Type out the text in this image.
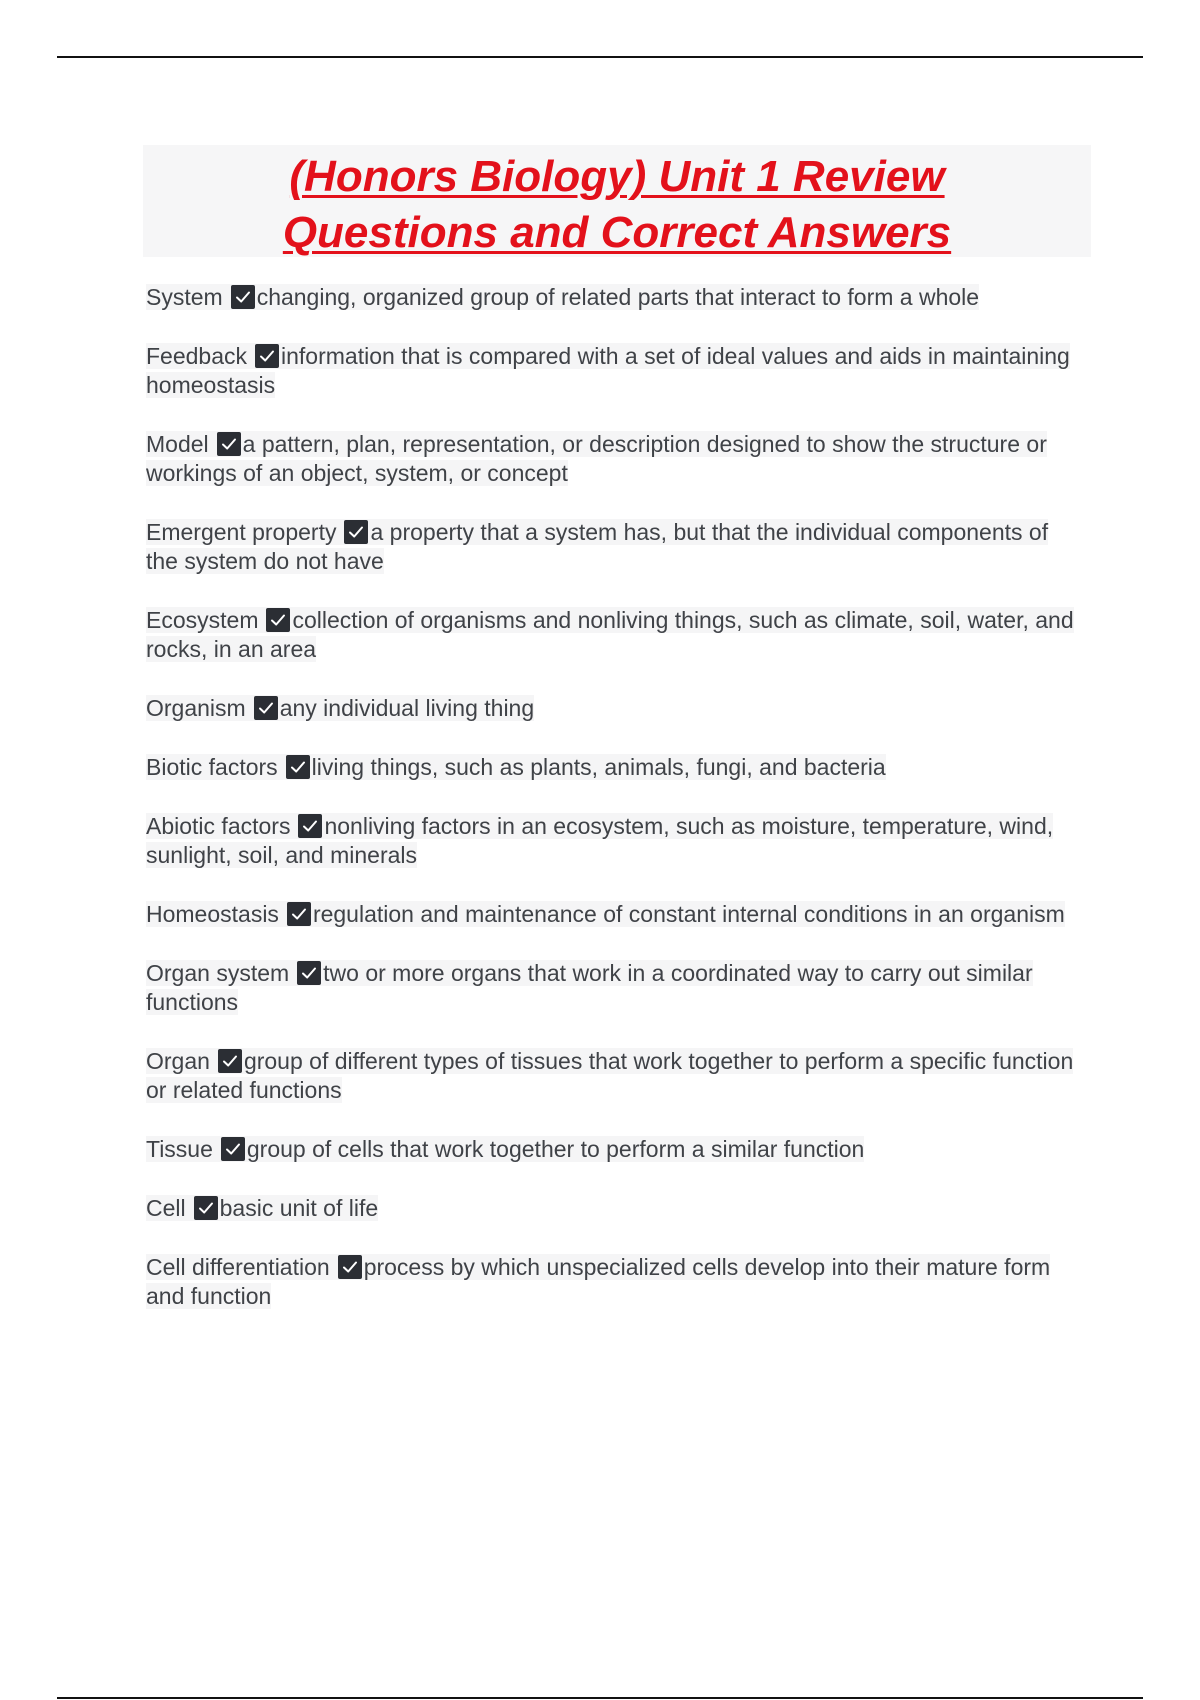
(Honors Biology) Unit 1 Review
Questions and Correct Answers
System changing, organized group of related parts that interact to form a whole
Feedback information that is compared with a set of ideal values and aids in maintaining homeostasis
Model a pattern, plan, representation, or description designed to show the structure or workings of an object, system, or concept
Emergent property a property that a system has, but that the individual components of the system do not have
Ecosystem collection of organisms and nonliving things, such as climate, soil, water, and rocks, in an area
Organism any individual living thing
Biotic factors living things, such as plants, animals, fungi, and bacteria
Abiotic factors nonliving factors in an ecosystem, such as moisture, temperature, wind, sunlight, soil, and minerals
Homeostasis regulation and maintenance of constant internal conditions in an organism
Organ system two or more organs that work in a coordinated way to carry out similar functions
Organ group of different types of tissues that work together to perform a specific function or related functions
Tissue group of cells that work together to perform a similar function
Cell basic unit of life
Cell differentiation process by which unspecialized cells develop into their mature form and function
